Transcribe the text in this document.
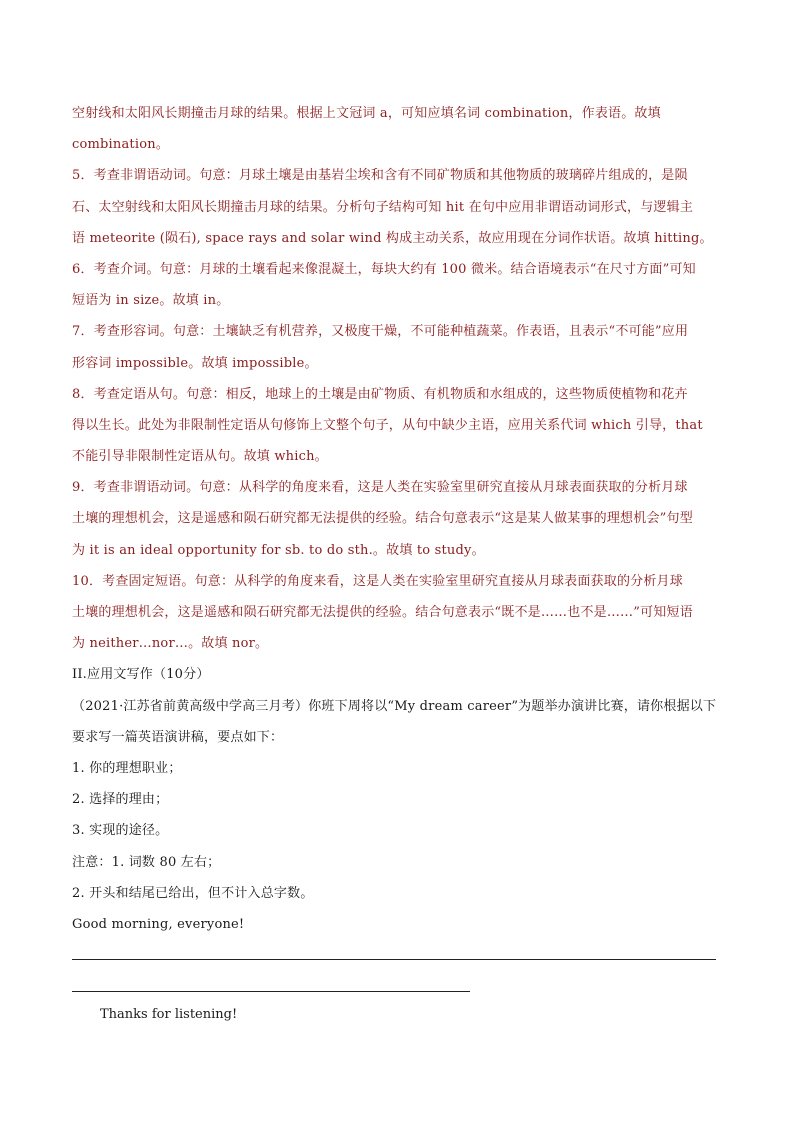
空射线和太阳风长期撞击月球的结果。根据上文冠词 a，可知应填名词 combination，作表语。故填
combination。
5．考查非谓语动词。句意：月球土壤是由基岩尘埃和含有不同矿物质和其他物质的玻璃碎片组成的，是陨
石、太空射线和太阳风长期撞击月球的结果。分析句子结构可知 hit 在句中应用非谓语动词形式，与逻辑主
语 meteorite (陨石), space rays and solar wind 构成主动关系，故应用现在分词作状语。故填 hitting。
6．考查介词。句意：月球的土壤看起来像混凝土，每块大约有 100 微米。结合语境表示“在尺寸方面”可知
短语为 in size。故填 in。
7．考查形容词。句意：土壤缺乏有机营养，又极度干燥，不可能种植蔬菜。作表语，且表示“不可能”应用
形容词 impossible。故填 impossible。
8．考查定语从句。句意：相反，地球上的土壤是由矿物质、有机物质和水组成的，这些物质使植物和花卉
得以生长。此处为非限制性定语从句修饰上文整个句子，从句中缺少主语，应用关系代词 which 引导，that
不能引导非限制性定语从句。故填 which。
9．考查非谓语动词。句意：从科学的角度来看，这是人类在实验室里研究直接从月球表面获取的分析月球
土壤的理想机会，这是遥感和陨石研究都无法提供的经验。结合句意表示“这是某人做某事的理想机会”句型
为 it is an ideal opportunity for sb. to do sth.。故填 to study。
10．考查固定短语。句意：从科学的角度来看，这是人类在实验室里研究直接从月球表面获取的分析月球
土壤的理想机会，这是遥感和陨石研究都无法提供的经验。结合句意表示“既不是……也不是……”可知短语
为 neither…nor…。故填 nor。
II.应用文写作（10分）
（2021·江苏省前黄高级中学高三月考）你班下周将以“My dream career”为题举办演讲比赛，请你根据以下
要求写一篇英语演讲稿，要点如下：
1. 你的理想职业；
2. 选择的理由；
3. 实现的途径。
注意：1. 词数 80 左右；
2. 开头和结尾已给出，但不计入总字数。
Good morning, everyone!
Thanks for listening!
